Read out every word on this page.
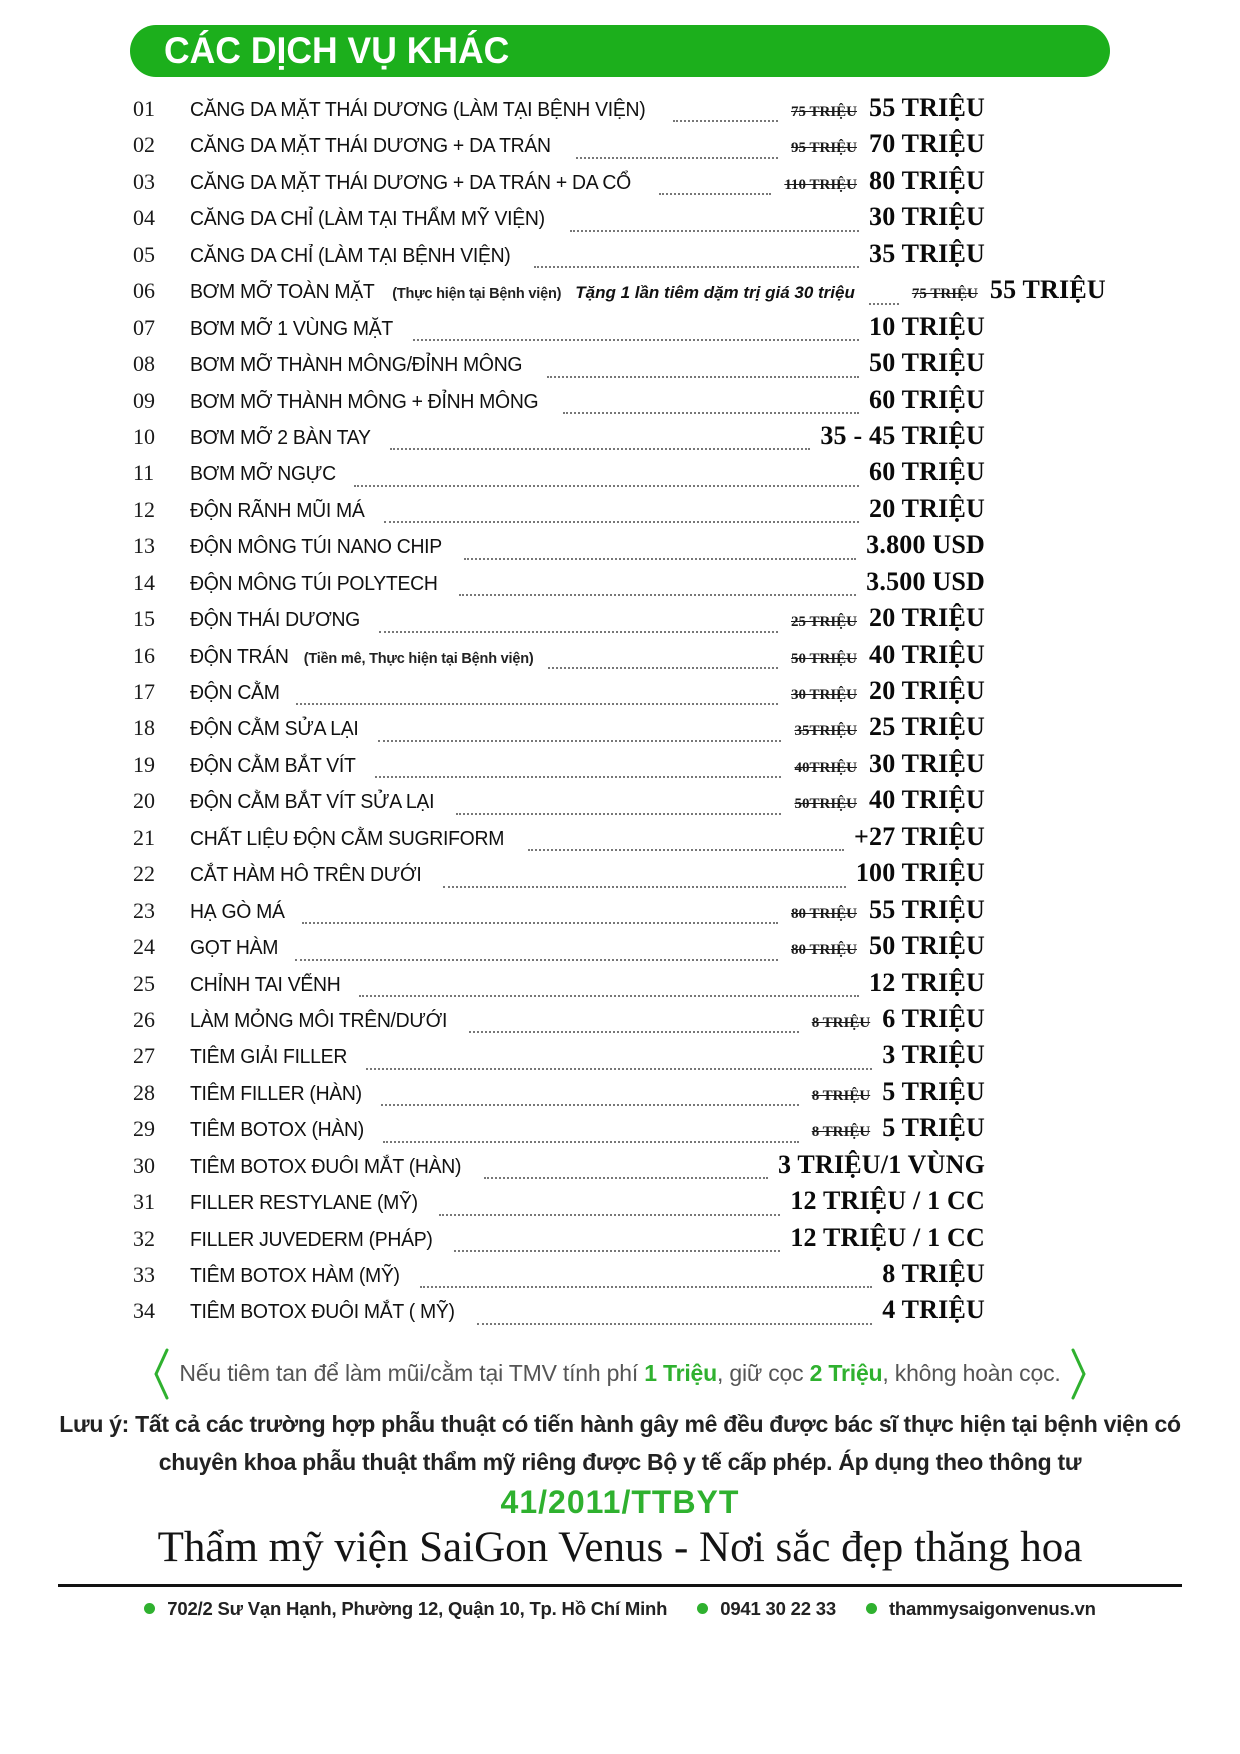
CÁC DỊCH VỤ KHÁC
01	CĂNG DA MẶT THÁI DƯƠNG (LÀM TẠI BỆNH VIỆN)	75 TRIỆU 55 TRIỆU
02	CĂNG DA MẶT THÁI DƯƠNG + DA TRÁN	95 TRIỆU 70 TRIỆU
03	CĂNG DA MẶT THÁI DƯƠNG + DA TRÁN + DA CỔ	110 TRIỆU 80 TRIỆU
04	CĂNG DA CHỈ (LÀM TẠI THẨM MỸ VIỆN)	30 TRIỆU
05	CĂNG DA CHỈ (LÀM TẠI BỆNH VIỆN)	35 TRIỆU
06	BƠM MỠ TOÀN MẶT (Thực hiện tại Bệnh viện) Tặng 1 lần tiêm dặm trị giá 30 triệu	75 TRIỆU 55 TRIỆU
07	BƠM MỠ 1 VÙNG MẶT	10 TRIỆU
08	BƠM MỠ THÀNH MÔNG/ĐỈNH MÔNG	50 TRIỆU
09	BƠM MỠ THÀNH MÔNG + ĐỈNH MÔNG	60 TRIỆU
10	BƠM MỠ 2 BÀN TAY	35 - 45 TRIỆU
11	BƠM MỠ NGỰC	60 TRIỆU
12	ĐỘN RÃNH MŨI MÁ	20 TRIỆU
13	ĐỘN MÔNG TÚI NANO CHIP	3.800 USD
14	ĐỘN MÔNG TÚI POLYTECH	3.500 USD
15	ĐỘN THÁI DƯƠNG	25 TRIỆU 20 TRIỆU
16	ĐỘN TRÁN (Tiền mê, Thực hiện tại Bệnh viện)	50 TRIỆU 40 TRIỆU
17	ĐỘN CẰM	30 TRIỆU 20 TRIỆU
18	ĐỘN CẰM SỬA LẠI	35TRIỆU 25 TRIỆU
19	ĐỘN CẰM BẮT VÍT	40TRIỆU 30 TRIỆU
20	ĐỘN CẰM BẮT VÍT SỬA LẠI	50TRIỆU 40 TRIỆU
21	CHẤT LIỆU ĐỘN CẰM SUGRIFORM	+27 TRIỆU
22	CẮT HÀM HÔ TRÊN DƯỚI	100 TRIỆU
23	HẠ GÒ MÁ	80 TRIỆU 55 TRIỆU
24	GỌT HÀM	80 TRIỆU 50 TRIỆU
25	CHỈNH TAI VỂNH	12 TRIỆU
26	LÀM MỎNG MÔI TRÊN/DƯỚI	8 TRIỆU 6 TRIỆU
27	TIÊM GIẢI FILLER	3 TRIỆU
28	TIÊM FILLER (HÀN)	8 TRIỆU 5 TRIỆU
29	TIÊM BOTOX (HÀN)	8 TRIỆU 5 TRIỆU
30	TIÊM BOTOX ĐUÔI MẮT (HÀN)	3 TRIỆU/1 VÙNG
31	FILLER RESTYLANE (MỸ)	12 TRIỆU / 1 CC
32	FILLER JUVEDERM (PHÁP)	12 TRIỆU / 1 CC
33	TIÊM BOTOX HÀM (MỸ)	8 TRIỆU
34	TIÊM BOTOX ĐUÔI MẮT ( MỸ)	4 TRIỆU
Nếu tiêm tan để làm mũi/cằm tại TMV tính phí 1 Triệu, giữ cọc 2 Triệu, không hoàn cọc.
Lưu ý: Tất cả các trường hợp phẫu thuật có tiến hành gây mê đều được bác sĩ thực hiện tại bệnh viện có
chuyên khoa phẫu thuật thẩm mỹ riêng được Bộ y tế cấp phép. Áp dụng theo thông tư
41/2011/TTBYT
Thẩm mỹ viện SaiGon Venus - Nơi sắc đẹp thăng hoa
702/2 Sư Vạn Hạnh, Phường 12, Quận 10, Tp. Hồ Chí Minh	0941 30 22 33	thammysaigonvenus.vn
